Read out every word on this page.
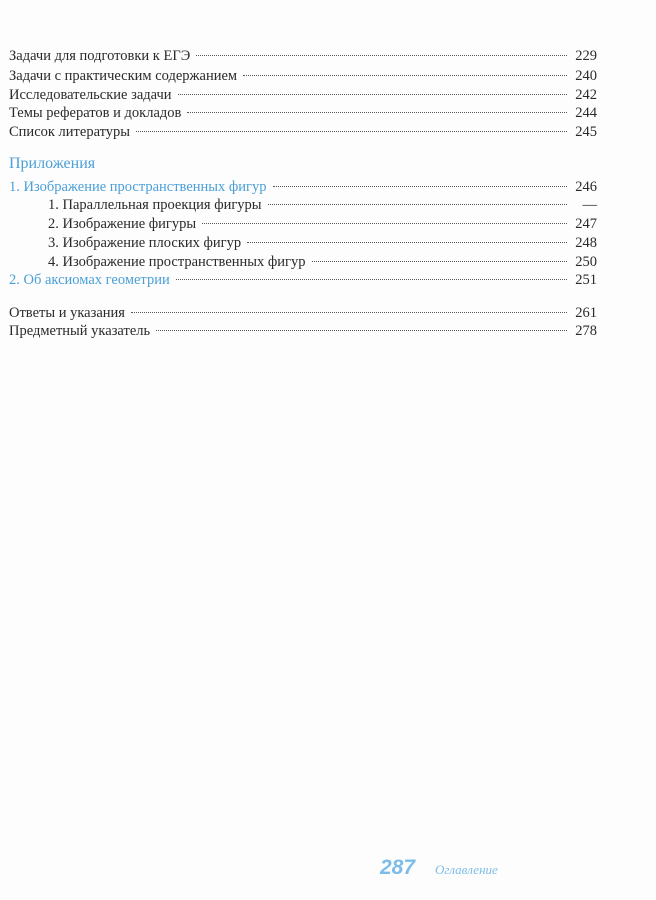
Задачи для подготовки к ЕГЭ	229
Задачи с практическим содержанием	240
Исследовательские задачи	242
Темы рефератов и докладов	244
Список литературы	245
Приложения
1. Изображение пространственных фигур	246
1. Параллельная проекция фигуры	—
2. Изображение фигуры	247
3. Изображение плоских фигур	248
4. Изображение пространственных фигур	250
2. Об аксиомах геометрии	251
Ответы и указания	261
Предметный указатель	278
287 Оглавление
